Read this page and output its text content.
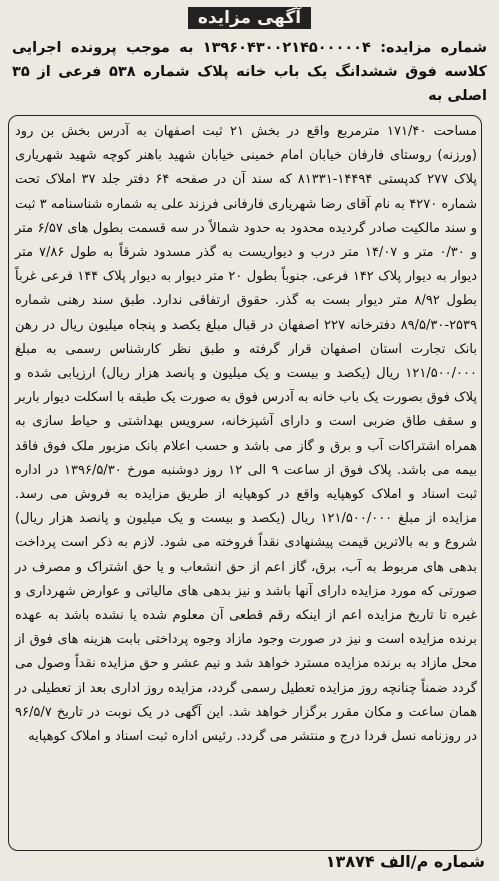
آگهی مزایده
شماره مزایده: ۱۳۹۶۰۴۳۰۰۲۱۴۵۰۰۰۰۰۴ به موجب پرونده اجرایی کلاسه فوق ششدانگ یک باب خانه پلاک شماره ۵۳۸ فرعی از ۳۵ اصلی به

مساحت ۱۷۱/۴۰ مترمربع واقع در بخش ۲۱ ثبت اصفهان به آدرس بخش بن رود (ورزنه) روستای فارفان خیابان امام خمینی خیابان شهید باهنر کوچه شهید شهریاری پلاک ۲۷۷ کدپستی ۱۴۴۹۴-۸۱۳۳۱ که سند آن در صفحه ۶۴ دفتر جلد ۳۷ املاک تحت شماره ۴۲۷۰ به نام آقای رضا شهریاری فارفانی فرزند علی به شماره شناسنامه ۳ ثبت و سند مالکیت صادر گردیده محدود به حدود شمالاً در سه قسمت بطول های ۶/۵۷ متر و ۰/۳۰ متر و ۱۴/۰۷ متر درب و دیواریست به گذر مسدود شرقاً به طول ۷/۸۶ متر دیوار به دیوار پلاک ۱۴۲ فرعی. جنوباً بطول ۲۰ متر دیوار به دیوار پلاک ۱۴۴ فرعی غرباً بطول ۸/۹۲ متر دیوار بست به گذر. حقوق ارتفاقی ندارد. طبق سند رهنی شماره ۲۵۳۹-۸۹/۵/۳۰ دفترخانه ۲۲۷ اصفهان در قبال مبلغ یکصد و پنجاه میلیون ریال در رهن بانک تجارت استان اصفهان قرار گرفته و طبق نظر کارشناس رسمی به مبلغ ۱۲۱/۵۰۰/۰۰۰ ریال (یکصد و بیست و یک میلیون و پانصد هزار ریال) ارزیابی شده و پلاک فوق بصورت یک باب خانه به آدرس فوق به صورت یک طبقه با اسکلت دیوار باربر و سقف طاق ضربی است و دارای آشپزخانه، سرویس بهداشتی و حیاط سازی به همراه اشتراکات آب و برق و گاز می باشد و حسب اعلام بانک مزبور ملک فوق فاقد بیمه می باشد. پلاک فوق از ساعت ۹ الی ۱۲ روز دوشنبه مورخ ۱۳۹۶/۵/۳۰ در اداره ثبت اسناد و املاک کوهپایه واقع در کوهپایه از طریق مزایده به فروش می رسد. مزایده از مبلغ ۱۲۱/۵۰۰/۰۰۰ ریال (یکصد و بیست و یک میلیون و پانصد هزار ریال) شروع و به بالاترین قیمت پیشنهادی نقداً فروخته می شود. لازم به ذکر است پرداخت بدهی های مربوط به آب، برق، گاز اعم از حق انشعاب و یا حق اشتراک و مصرف در صورتی که مورد مزایده دارای آنها باشد و نیز بدهی های مالیاتی و عوارض شهرداری و غیره تا تاریخ مزایده اعم از اینکه رقم قطعی آن معلوم شده یا نشده باشد به عهده برنده مزایده است و نیز در صورت وجود مازاد وجوه پرداختی بابت هزینه های فوق از محل مازاد به برنده مزایده مسترد خواهد شد و نیم عشر و حق مزایده نقداً وصول می گردد ضمناً چنانچه روز مزایده تعطیل رسمی گردد، مزایده روز اداری بعد از تعطیلی در همان ساعت و مکان مقرر برگزار خواهد شد. این آگهی در یک نوبت در تاریخ ۹۶/۵/۷ در روزنامه نسل فردا درج و منتشر می گردد. رئیس اداره ثبت اسناد و املاک کوهپایه

شماره م/الف ۱۳۸۷۴
